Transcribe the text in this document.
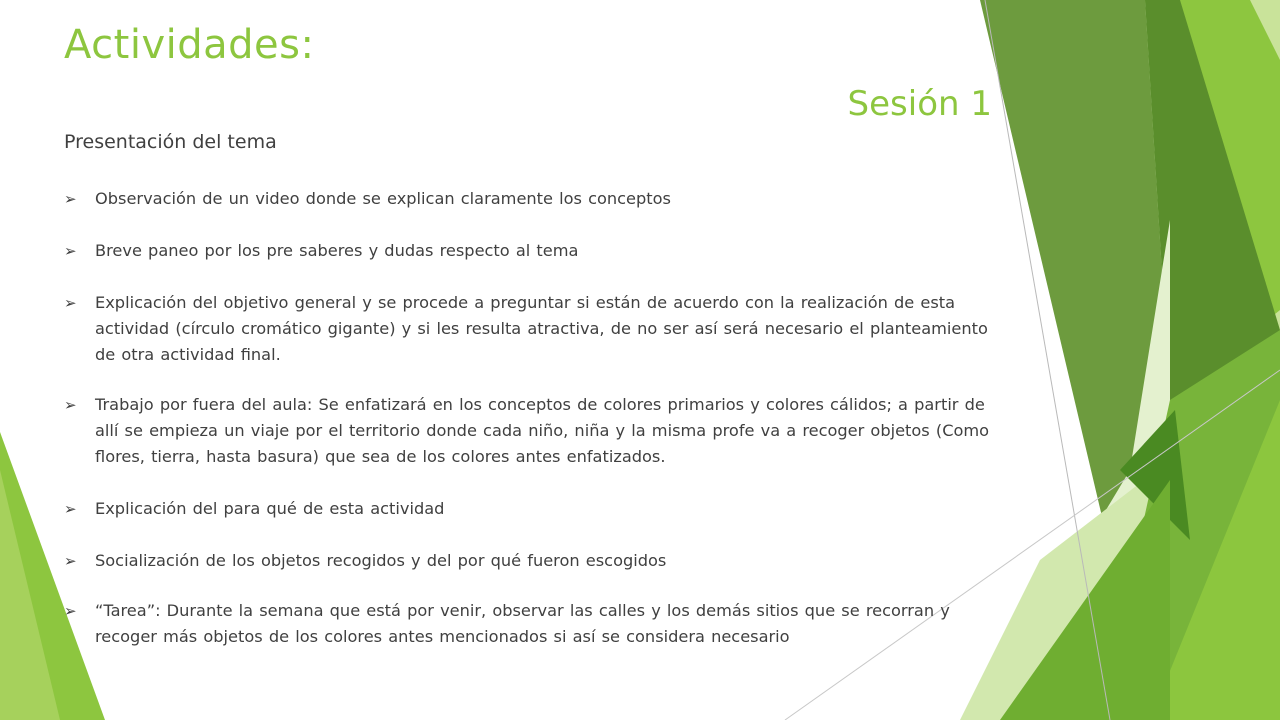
Actividades:
Sesión 1
Presentación del tema
➢ Observación de un video donde se explican claramente los conceptos
➢ Breve paneo por los pre saberes y dudas respecto al tema
➢ Explicación del objetivo general y se procede a preguntar si están de acuerdo con la realización de esta actividad (círculo cromático gigante) y si les resulta atractiva, de no ser así será necesario el planteamiento de otra actividad final.
➢ Trabajo por fuera del aula: Se enfatizará en los conceptos de colores primarios y colores cálidos; a partir de allí se empieza un viaje por el territorio donde cada niño, niña y la misma profe va a recoger objetos (Como flores, tierra, hasta basura) que sea de los colores antes enfatizados.
➢ Explicación del para qué de esta actividad
➢ Socialización de los objetos recogidos y del por qué fueron escogidos
➢ “Tarea”: Durante la semana que está por venir, observar las calles y los demás sitios que se recorran y recoger más objetos de los colores antes mencionados si así se considera necesario
